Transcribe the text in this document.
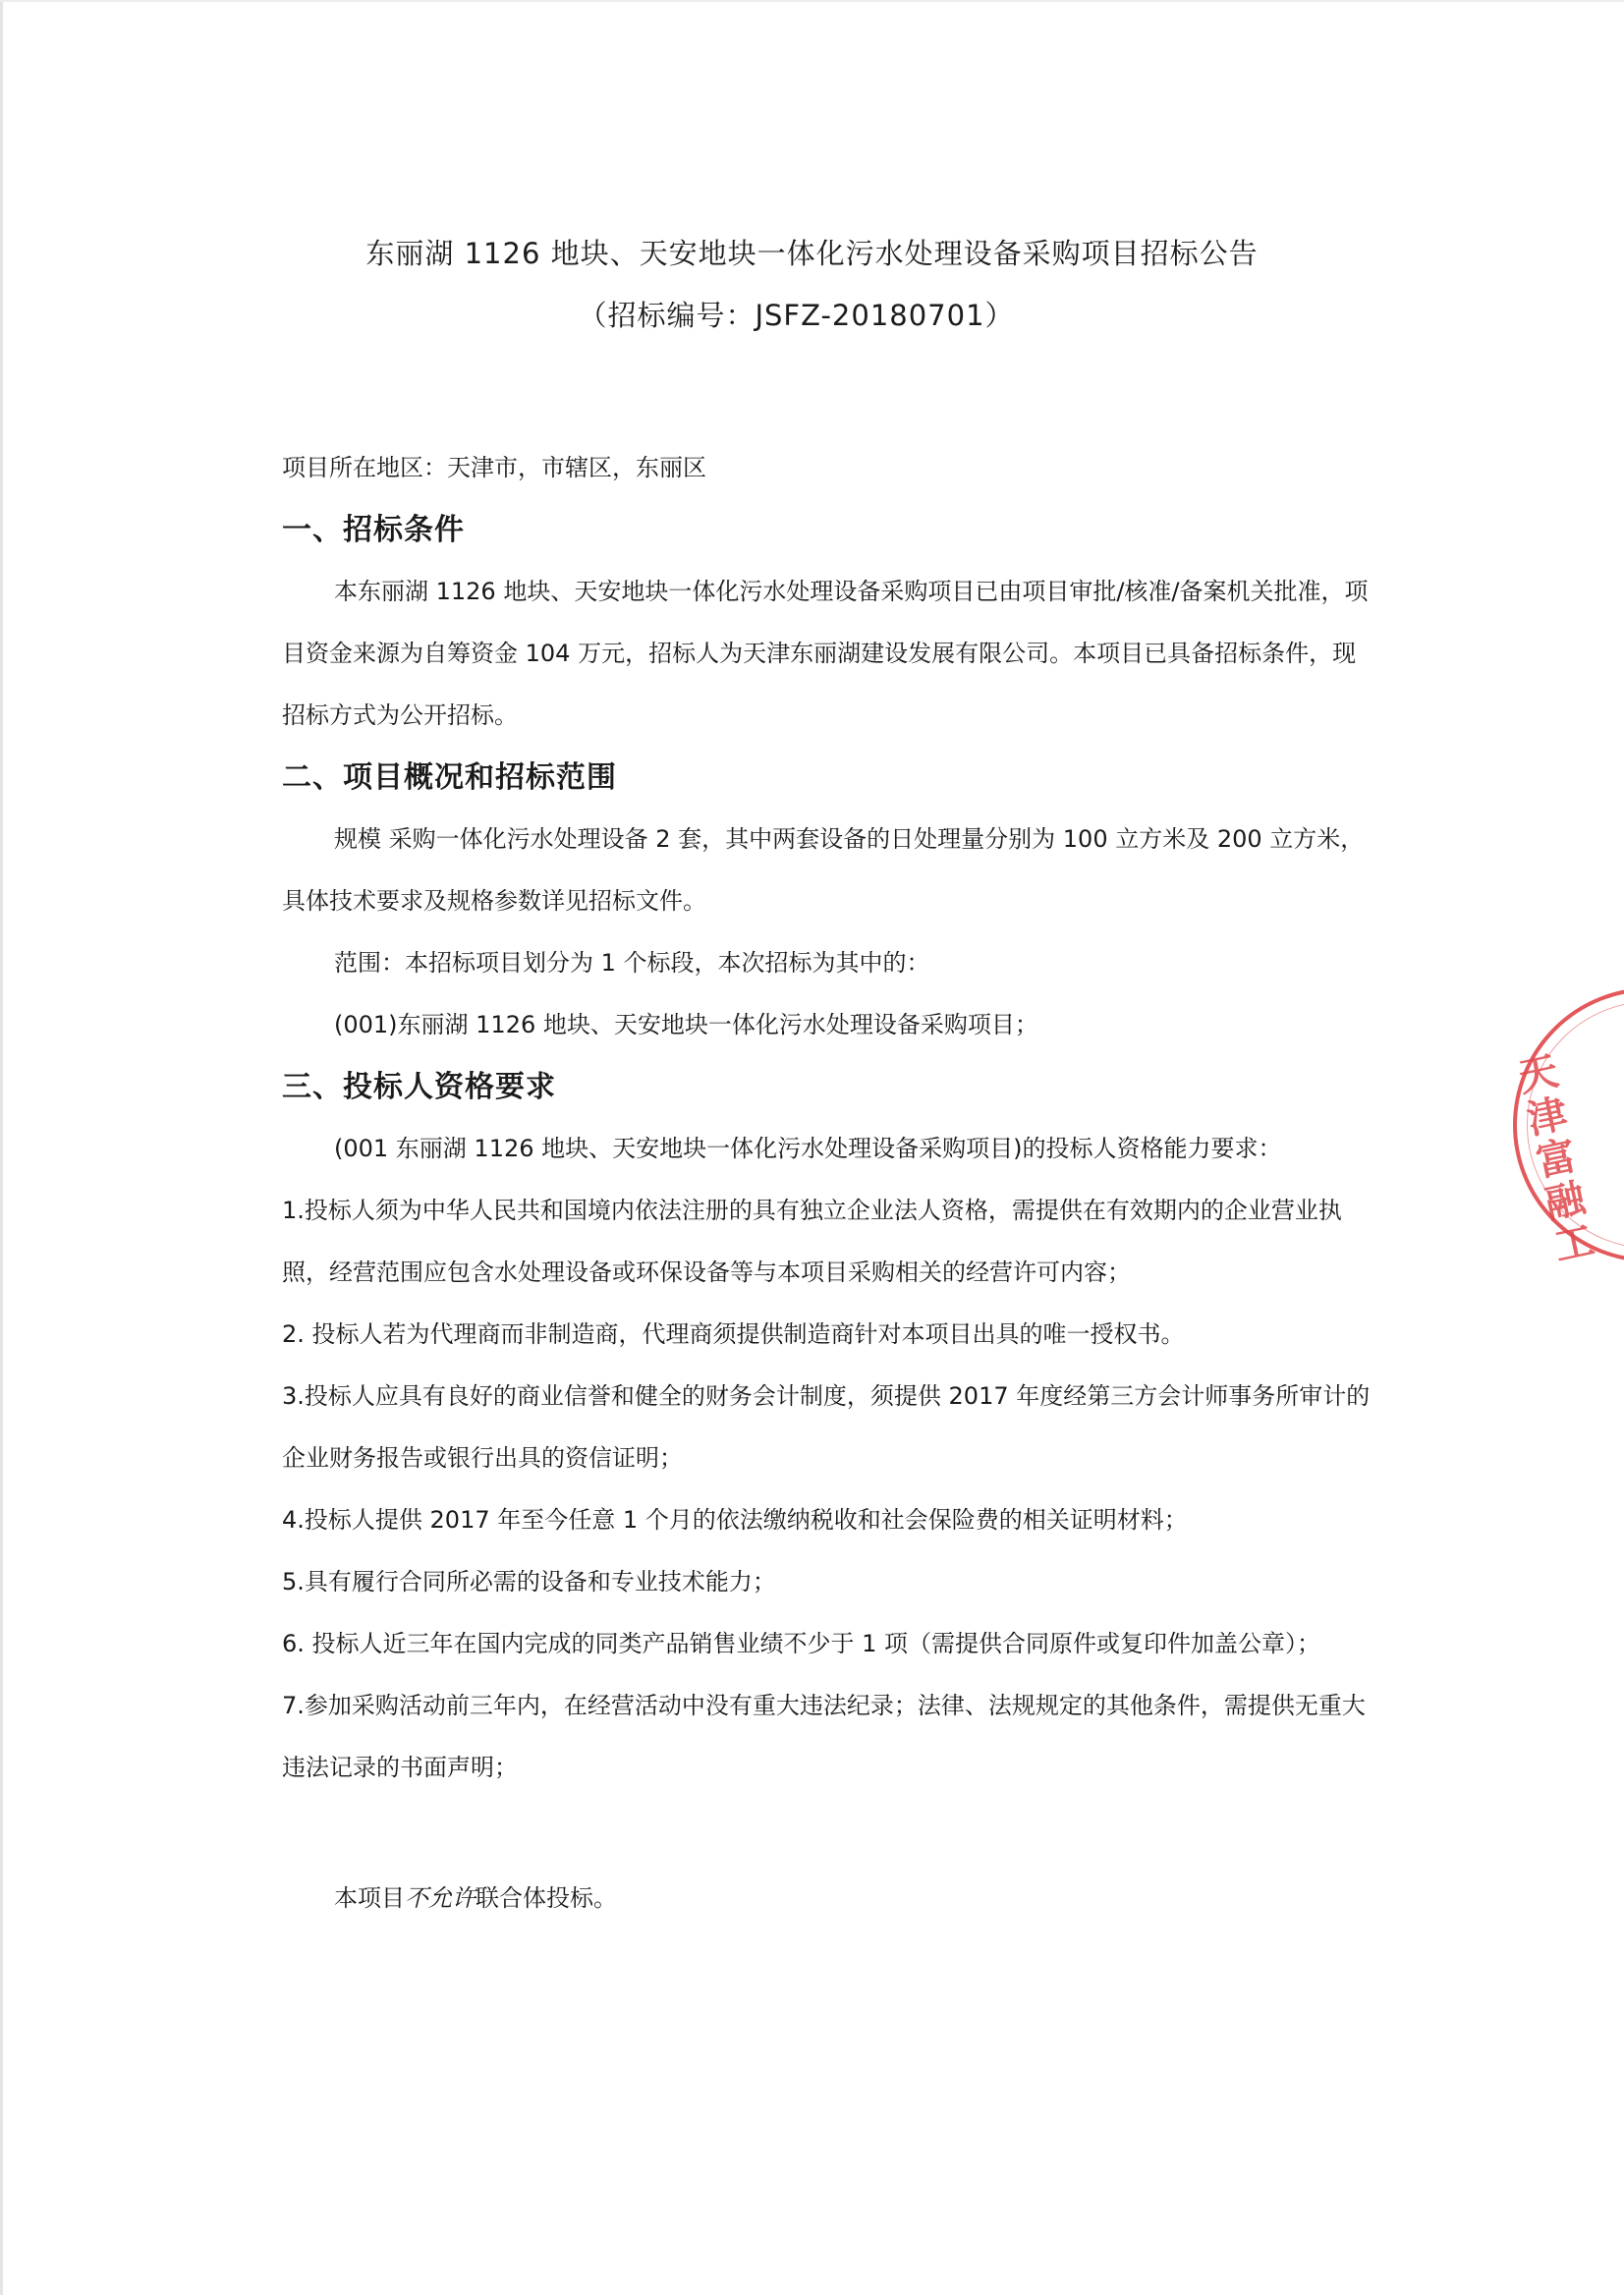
东丽湖 1126 地块、天安地块一体化污水处理设备采购项目招标公告
（招标编号：JSFZ-20180701）

项目所在地区：天津市，市辖区，东丽区

一、招标条件

本东丽湖 1126 地块、天安地块一体化污水处理设备采购项目已由项目审批/核准/备案机关批准，项目资金来源为自筹资金 104 万元，招标人为天津东丽湖建设发展有限公司。本项目已具备招标条件，现招标方式为公开招标。

二、项目概况和招标范围

规模 采购一体化污水处理设备 2 套，其中两套设备的日处理量分别为 100 立方米及 200 立方米，具体技术要求及规格参数详见招标文件。

范围：本招标项目划分为 1 个标段，本次招标为其中的：

(001)东丽湖 1126 地块、天安地块一体化污水处理设备采购项目；

三、投标人资格要求

(001 东丽湖 1126 地块、天安地块一体化污水处理设备采购项目)的投标人资格能力要求：

1.投标人须为中华人民共和国境内依法注册的具有独立企业法人资格，需提供在有效期内的企业营业执照，经营范围应包含水处理设备或环保设备等与本项目采购相关的经营许可内容；

2. 投标人若为代理商而非制造商，代理商须提供制造商针对本项目出具的唯一授权书。

3.投标人应具有良好的商业信誉和健全的财务会计制度，须提供 2017 年度经第三方会计师事务所审计的企业财务报告或银行出具的资信证明；

4.投标人提供 2017 年至今任意 1 个月的依法缴纳税收和社会保险费的相关证明材料；

5.具有履行合同所必需的设备和专业技术能力；

6. 投标人近三年在国内完成的同类产品销售业绩不少于 1 项（需提供合同原件或复印件加盖公章）；

7.参加采购活动前三年内，在经营活动中没有重大违法纪录；法律、法规规定的其他条件，需提供无重大违法记录的书面声明；

本项目不允许联合体投标。

天津富融工
